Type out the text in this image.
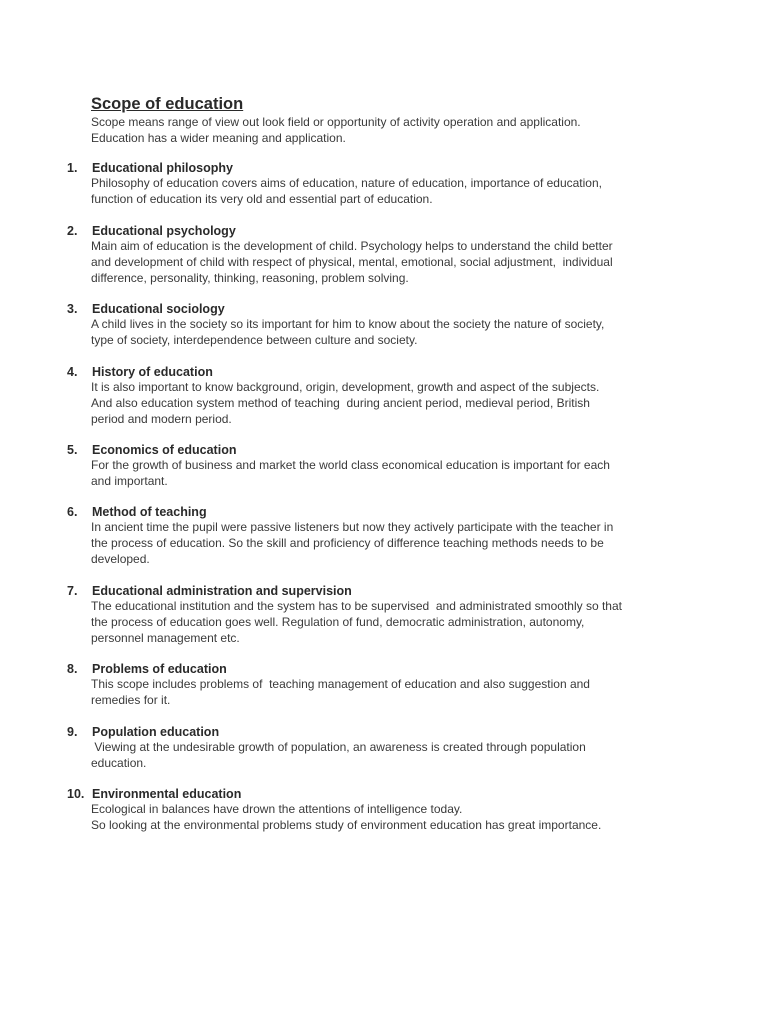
Scope of education

Scope means range of view out look field or opportunity of activity operation and application.

Education has a wider meaning and application.

1. Educational philosophy

Philosophy of education covers aims of education, nature of education, importance of education,

function of education its very old and essential part of education.

2. Educational psychology

Main aim of education is the development of child. Psychology helps to understand the child better

and development of child with respect of physical, mental, emotional, social adjustment,  individual

difference, personality, thinking, reasoning, problem solving.

3. Educational sociology

A child lives in the society so its important for him to know about the society the nature of society,

type of society, interdependence between culture and society.

4. History of education

It is also important to know background, origin, development, growth and aspect of the subjects.

And also education system method of teaching  during ancient period, medieval period, British

period and modern period.

5. Economics of education

For the growth of business and market the world class economical education is important for each

and important.

6. Method of teaching

In ancient time the pupil were passive listeners but now they actively participate with the teacher in

the process of education. So the skill and proficiency of difference teaching methods needs to be

developed.

7. Educational administration and supervision

The educational institution and the system has to be supervised  and administrated smoothly so that

the process of education goes well. Regulation of fund, democratic administration, autonomy,

personnel management etc.

8. Problems of education

This scope includes problems of  teaching management of education and also suggestion and

remedies for it.

9. Population education

Viewing at the undesirable growth of population, an awareness is created through population

education.

10. Environmental education

Ecological in balances have drown the attentions of intelligence today.

So looking at the environmental problems study of environment education has great importance.
